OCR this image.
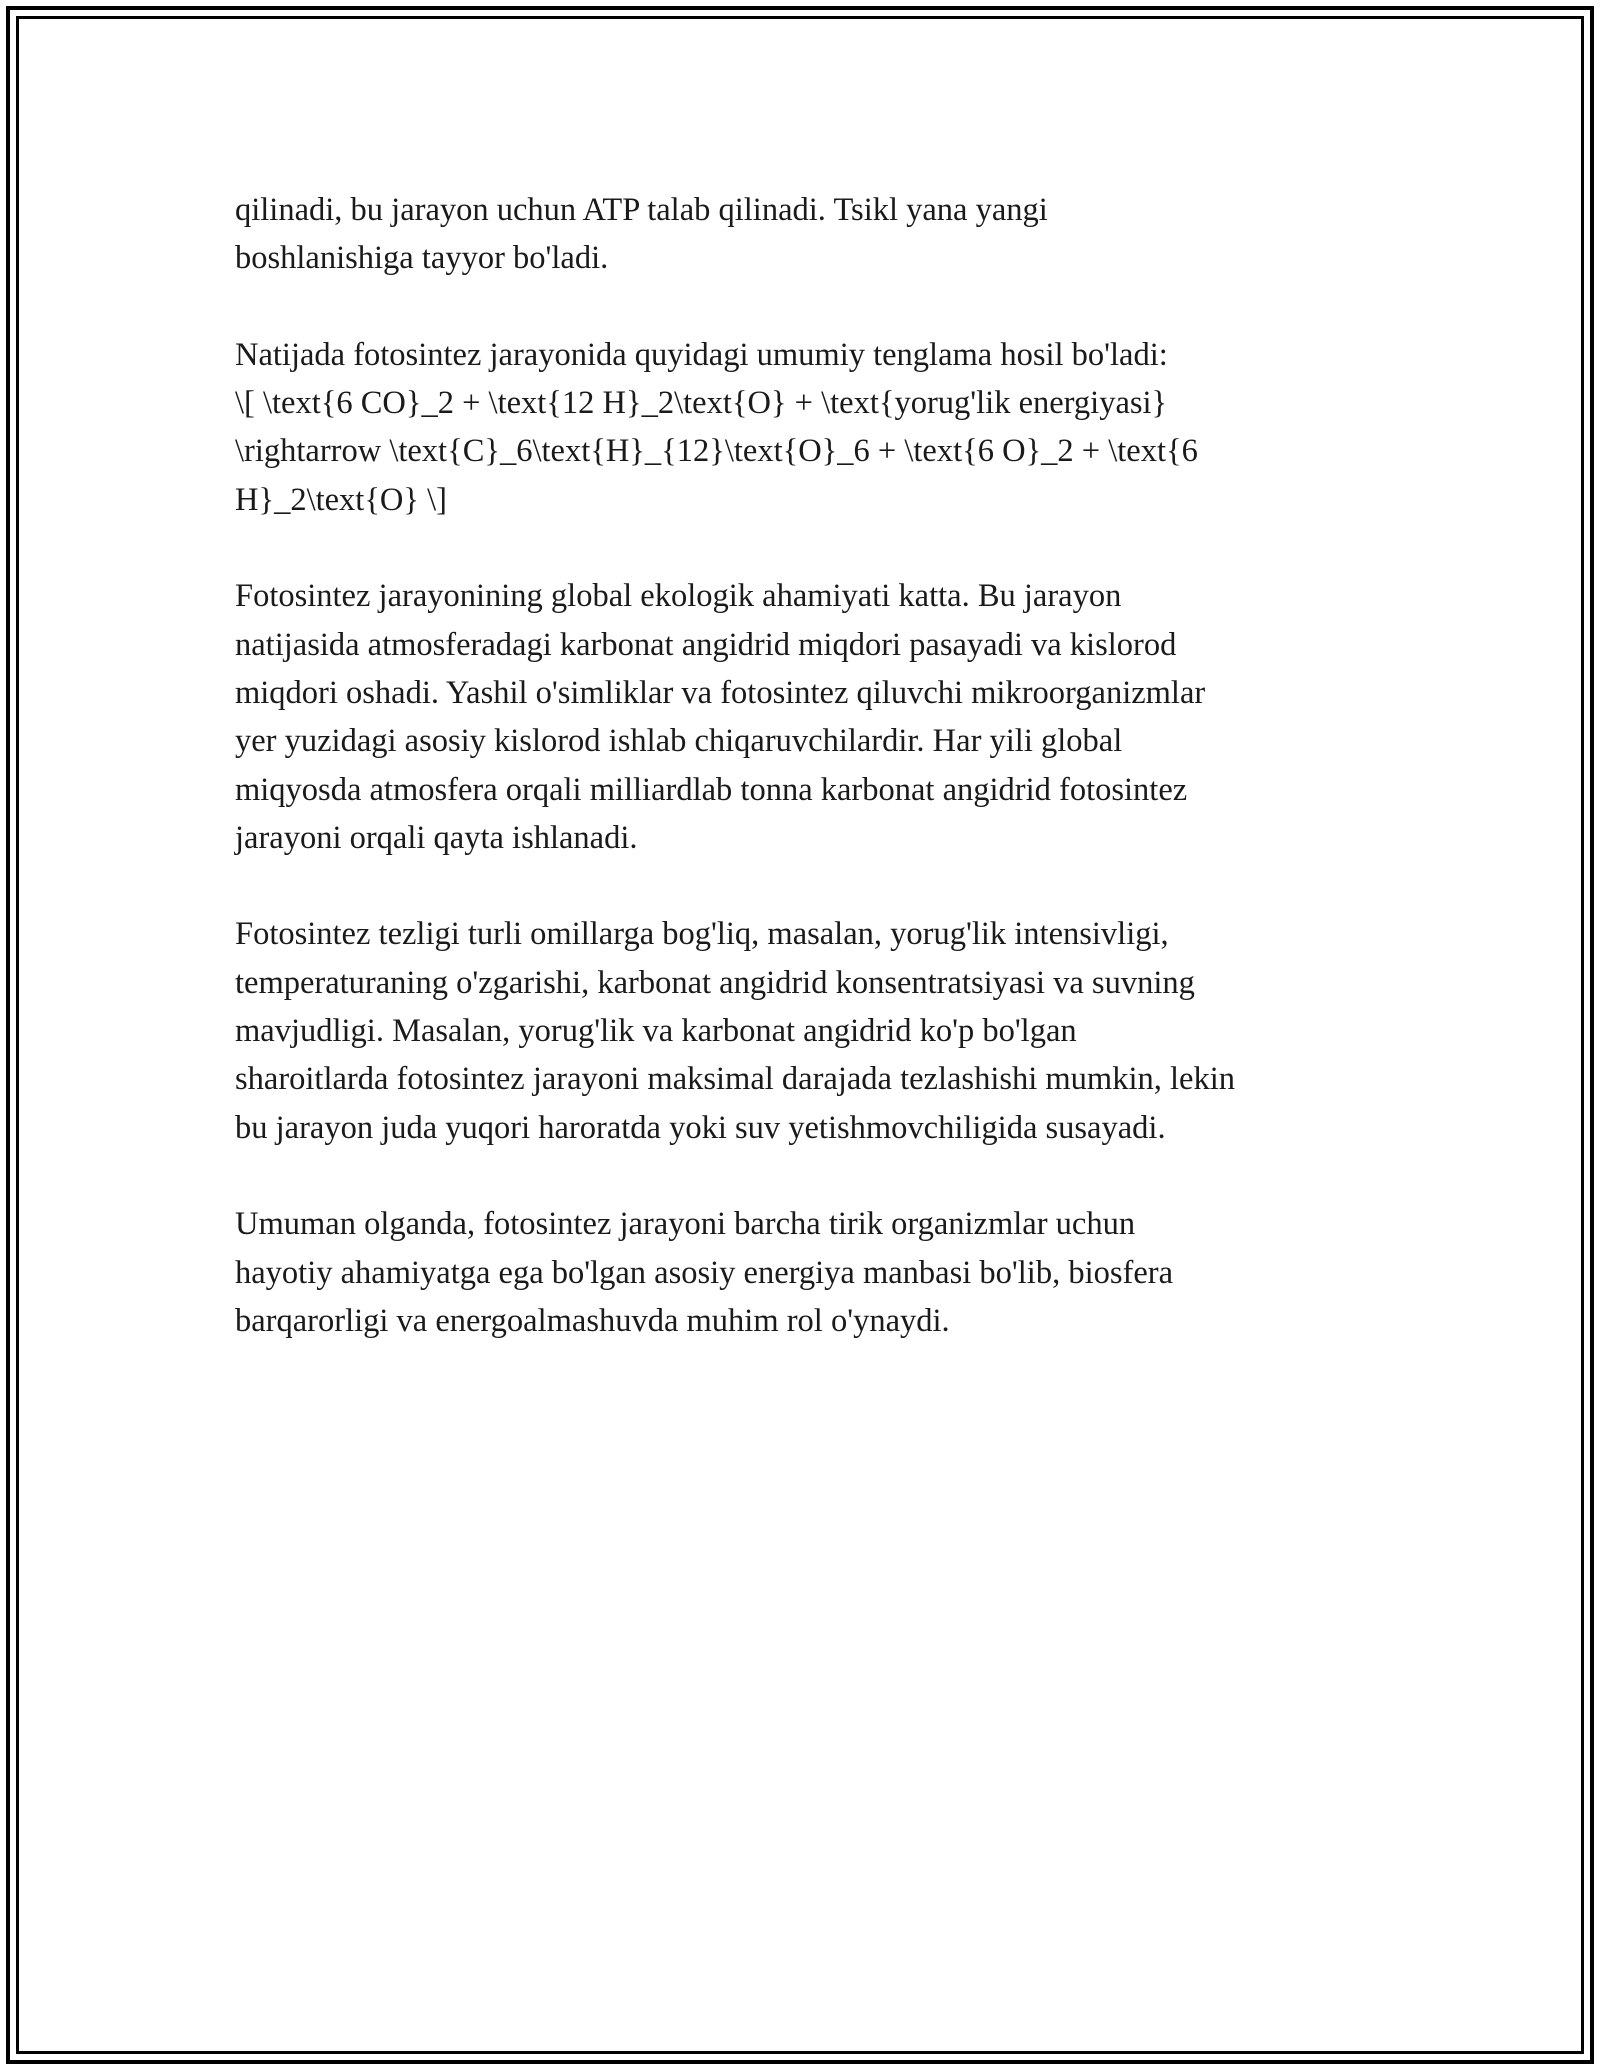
qilinadi, bu jarayon uchun ATP talab qilinadi. Tsikl yana yangi
boshlanishiga tayyor bo'ladi.

Natijada fotosintez jarayonida quyidagi umumiy tenglama hosil bo'ladi:
\[ \text{6 CO}_2 + \text{12 H}_2\text{O} + \text{yorug'lik energiyasi}
\rightarrow \text{C}_6\text{H}_{12}\text{O}_6 + \text{6 O}_2 + \text{6
H}_2\text{O} \]

Fotosintez jarayonining global ekologik ahamiyati katta. Bu jarayon
natijasida atmosferadagi karbonat angidrid miqdori pasayadi va kislorod
miqdori oshadi. Yashil o'simliklar va fotosintez qiluvchi mikroorganizmlar
yer yuzidagi asosiy kislorod ishlab chiqaruvchilardir. Har yili global
miqyosda atmosfera orqali milliardlab tonna karbonat angidrid fotosintez
jarayoni orqali qayta ishlanadi.

Fotosintez tezligi turli omillarga bog'liq, masalan, yorug'lik intensivligi,
temperaturaning o'zgarishi, karbonat angidrid konsentratsiyasi va suvning
mavjudligi. Masalan, yorug'lik va karbonat angidrid ko'p bo'lgan
sharoitlarda fotosintez jarayoni maksimal darajada tezlashishi mumkin, lekin
bu jarayon juda yuqori haroratda yoki suv yetishmovchiligida susayadi.

Umuman olganda, fotosintez jarayoni barcha tirik organizmlar uchun
hayotiy ahamiyatga ega bo'lgan asosiy energiya manbasi bo'lib, biosfera
barqarorligi va energoalmashuvda muhim rol o'ynaydi.
